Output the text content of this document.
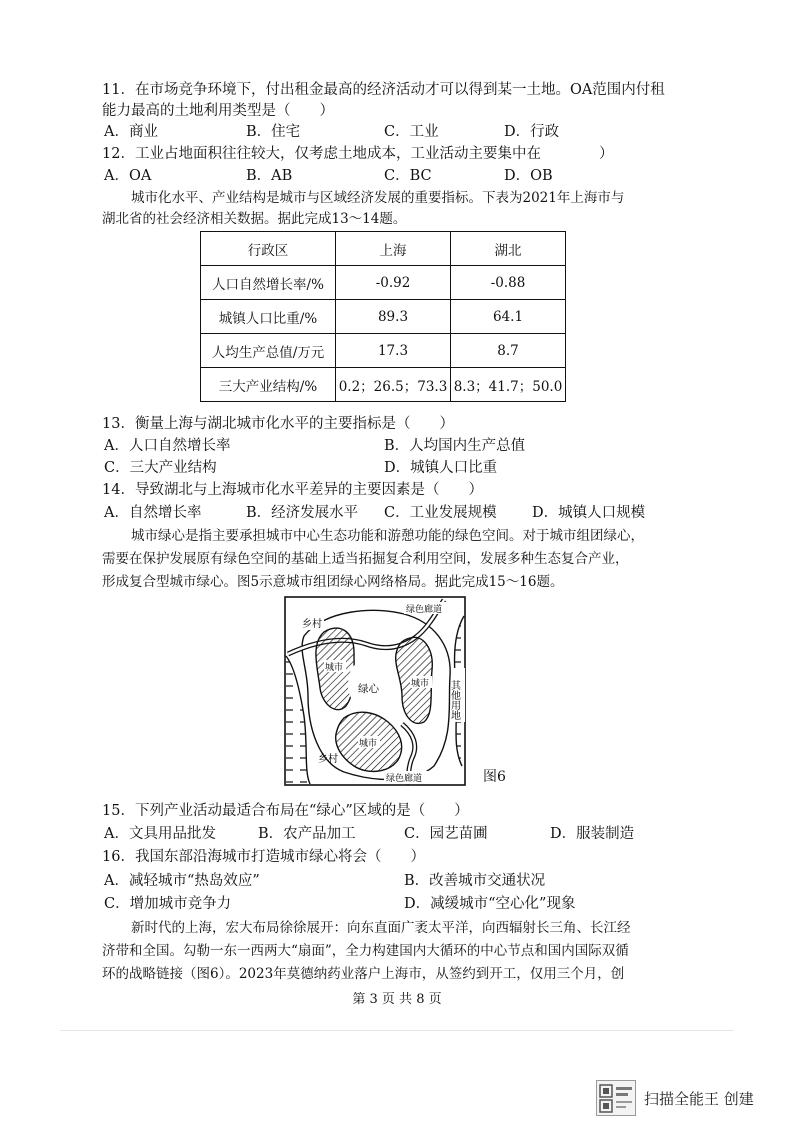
11．在市场竞争环境下，付出租金最高的经济活动才可以得到某一土地。OA范围内付租
能力最高的土地利用类型是（　　）
A．商业	B．住宅	C．工业	D．行政
12．工业占地面积往往较大，仅考虑土地成本，工业活动主要集中在　　　　）
A．OA	B．AB	C．BC	D．OB
城市化水平、产业结构是城市与区域经济发展的重要指标。下表为2021年上海市与
湖北省的社会经济相关数据。据此完成13～14题。
行政区	上海	湖北
人口自然增长率/%	-0.92	-0.88
城镇人口比重/%	89.3	64.1
人均生产总值/万元	17.3	8.7
三大产业结构/%	0.2；26.5；73.3	8.3；41.7；50.0
13．衡量上海与湖北城市化水平的主要指标是（　　）
A．人口自然增长率	B．人均国内生产总值
C．三大产业结构	D．城镇人口比重
14．导致湖北与上海城市化水平差异的主要因素是（　　）
A．自然增长率	B．经济发展水平 C．工业发展规模 D．城镇人口规模
城市绿心是指主要承担城市中心生态功能和游憩功能的绿色空间。对于城市组团绿心，
需要在保护发展原有绿色空间的基础上适当拓掘复合利用空间，发展多种生态复合产业，
形成复合型城市绿心。图5示意城市组团绿心网络格局。据此完成15～16题。
乡村
绿色廊道
城市
城市
绿心
城市
其他用地
乡村
绿色廊道	图6
15．下列产业活动最适合布局在“绿心”区域的是（　　）
A．文具用品批发	B．农产品加工	C．园艺苗圃	D．服装制造
16．我国东部沿海城市打造城市绿心将会（　　）
A．减轻城市“热岛效应”	B．改善城市交通状况
C．增加城市竞争力	D．减缓城市“空心化”现象
新时代的上海，宏大布局徐徐展开：向东直面广袤太平洋，向西辐射长三角、长江经
济带和全国。勾勒一东一西两大“扇面”，全力构建国内大循环的中心节点和国内国际双循
环的战略链接（图6）。2023年莫德纳药业落户上海市，从签约到开工，仅用三个月，创
第 3 页 共 8 页
扫描全能王 创建
